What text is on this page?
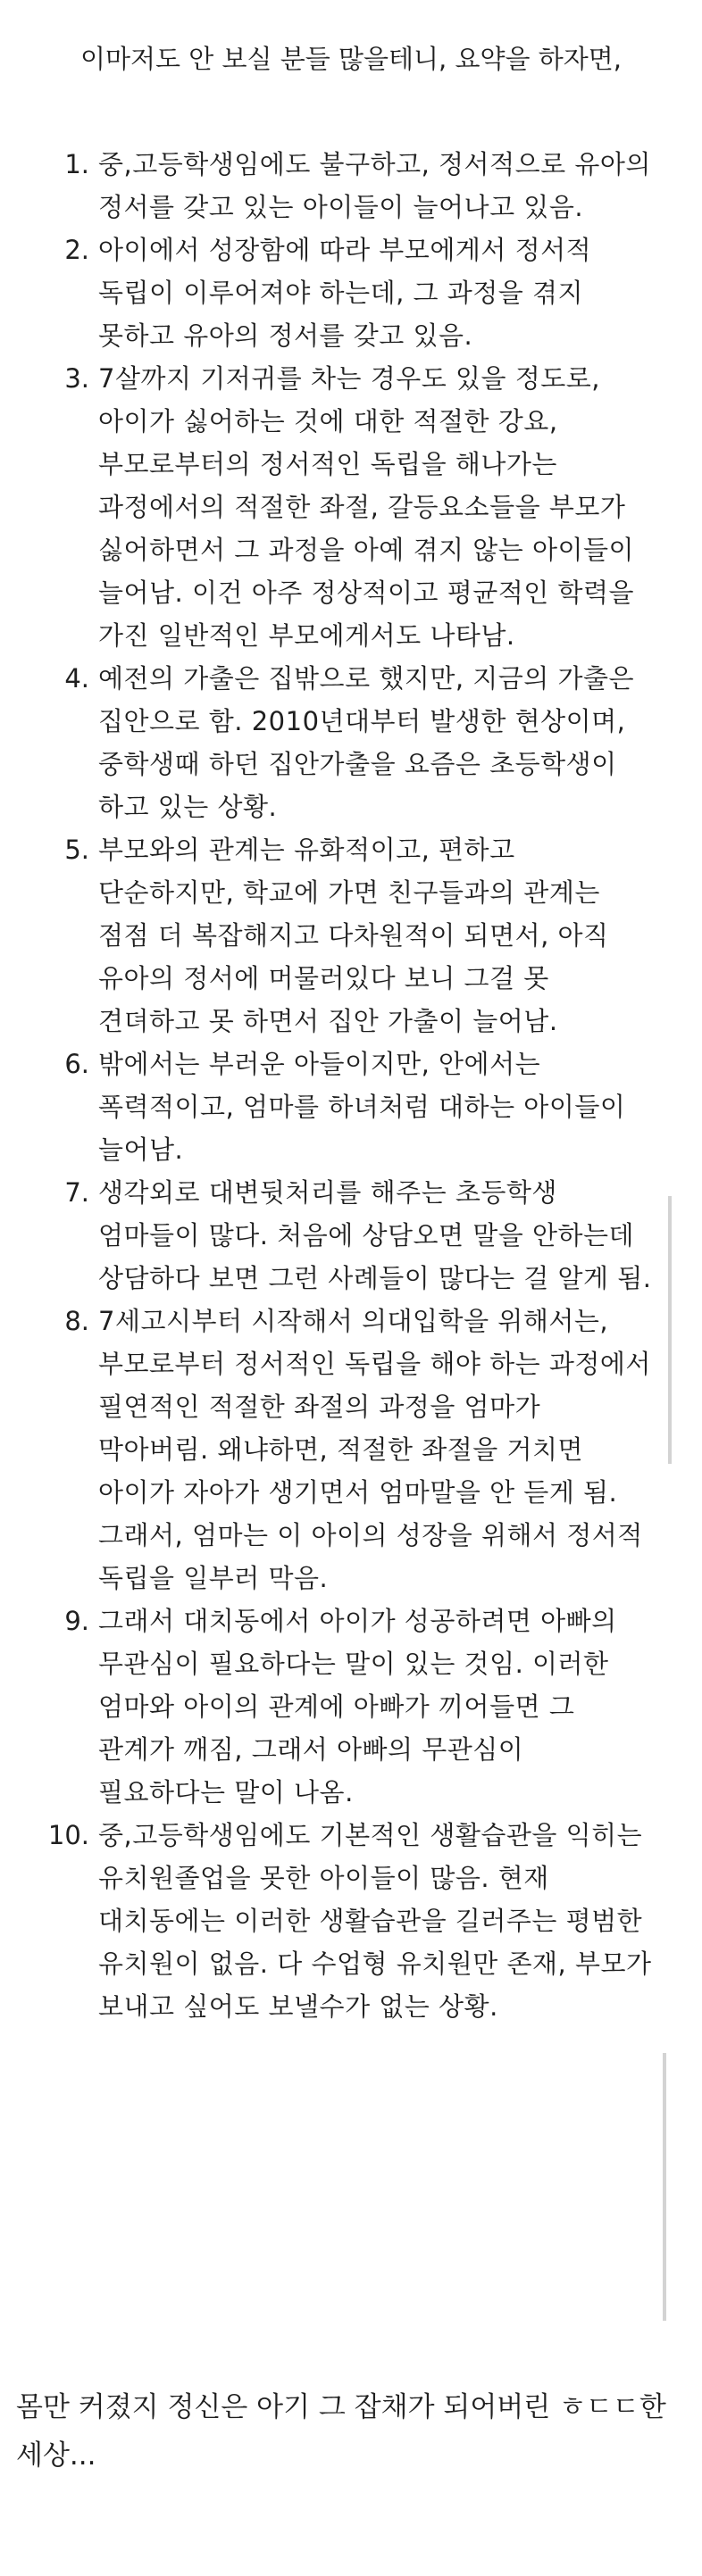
이마저도 안 보실 분들 많을테니, 요약을 하자면,

1. 중,고등학생임에도 불구하고, 정서적으로 유아의 정서를 갖고 있는 아이들이 늘어나고 있음.
2. 아이에서 성장함에 따라 부모에게서 정서적 독립이 이루어져야 하는데, 그 과정을 겪지 못하고 유아의 정서를 갖고 있음.
3. 7살까지 기저귀를 차는 경우도 있을 정도로, 아이가 싫어하는 것에 대한 적절한 강요, 부모로부터의 정서적인 독립을 해나가는 과정에서의 적절한 좌절, 갈등요소들을 부모가 싫어하면서 그 과정을 아예 겪지 않는 아이들이 늘어남. 이건 아주 정상적이고 평균적인 학력을 가진 일반적인 부모에게서도 나타남.
4. 예전의 가출은 집밖으로 했지만, 지금의 가출은 집안으로 함. 2010년대부터 발생한 현상이며, 중학생때 하던 집안가출을 요즘은 초등학생이 하고 있는 상황.
5. 부모와의 관계는 유화적이고, 편하고 단순하지만, 학교에 가면 친구들과의 관계는 점점 더 복잡해지고 다차원적이 되면서, 아직 유아의 정서에 머물러있다 보니 그걸 못 견뎌하고 못 하면서 집안 가출이 늘어남.
6. 밖에서는 부러운 아들이지만, 안에서는 폭력적이고, 엄마를 하녀처럼 대하는 아이들이 늘어남.
7. 생각외로 대변뒷처리를 해주는 초등학생 엄마들이 많다. 처음에 상담오면 말을 안하는데 상담하다 보면 그런 사례들이 많다는 걸 알게 됨.
8. 7세고시부터 시작해서 의대입학을 위해서는, 부모로부터 정서적인 독립을 해야 하는 과정에서 필연적인 적절한 좌절의 과정을 엄마가 막아버림. 왜냐하면, 적절한 좌절을 거치면 아이가 자아가 생기면서 엄마말을 안 듣게 됨. 그래서, 엄마는 이 아이의 성장을 위해서 정서적 독립을 일부러 막음.
9. 그래서 대치동에서 아이가 성공하려면 아빠의 무관심이 필요하다는 말이 있는 것임. 이러한 엄마와 아이의 관계에 아빠가 끼어들면 그 관계가 깨짐, 그래서 아빠의 무관심이 필요하다는 말이 나옴.
10. 중,고등학생임에도 기본적인 생활습관을 익히는 유치원졸업을 못한 아이들이 많음. 현재 대치동에는 이러한 생활습관을 길러주는 평범한 유치원이 없음. 다 수업형 유치원만 존재, 부모가 보내고 싶어도 보낼수가 없는 상황.

몸만 커졌지 정신은 아기 그 잡채가 되어버린 ㅎㄷㄷ한 세상...
